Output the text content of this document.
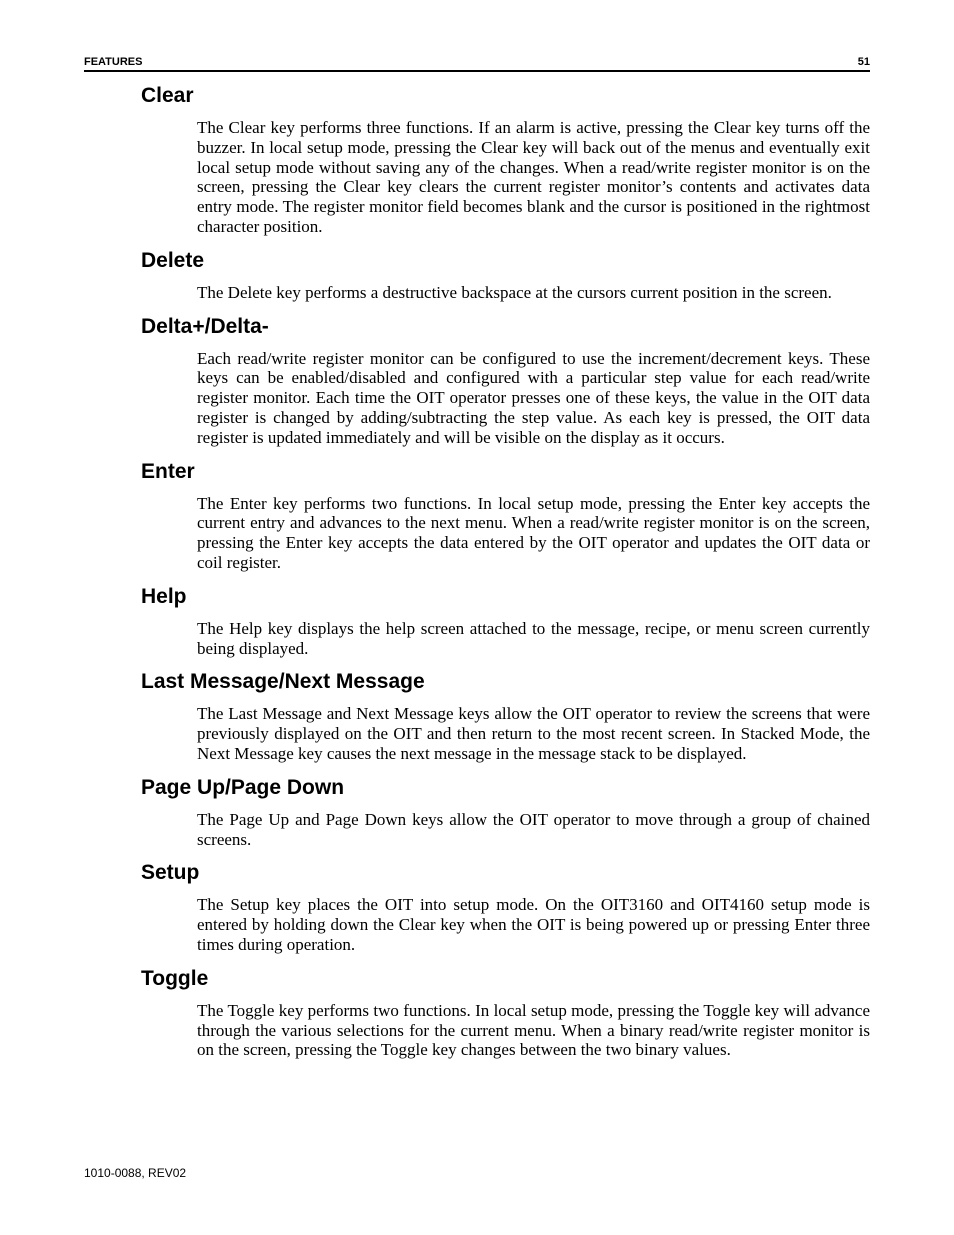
FEATURES	51
Clear

The Clear key performs three functions. If an alarm is active, pressing the Clear key turns off the buzzer. In local setup mode, pressing the Clear key will back out of the menus and eventually exit local setup mode without saving any of the changes. When a read/write register monitor is on the screen, pressing the Clear key clears the current register monitor’s contents and activates data entry mode. The register monitor field becomes blank and the cursor is positioned in the rightmost character position.

Delete

The Delete key performs a destructive backspace at the cursors current position in the screen.

Delta+/Delta-

Each read/write register monitor can be configured to use the increment/decrement keys. These keys can be enabled/disabled and configured with a particular step value for each read/write register monitor. Each time the OIT operator presses one of these keys, the value in the OIT data register is changed by adding/subtracting the step value. As each key is pressed, the OIT data register is updated immediately and will be visible on the display as it occurs.

Enter

The Enter key performs two functions. In local setup mode, pressing the Enter key accepts the current entry and advances to the next menu. When a read/write register monitor is on the screen, pressing the Enter key accepts the data entered by the OIT operator and updates the OIT data or coil register.

Help

The Help key displays the help screen attached to the message, recipe, or menu screen currently being displayed.

Last Message/Next Message

The Last Message and Next Message keys allow the OIT operator to review the screens that were previously displayed on the OIT and then return to the most recent screen. In Stacked Mode, the Next Message key causes the next message in the message stack to be displayed.

Page Up/Page Down

The Page Up and Page Down keys allow the OIT operator to move through a group of chained screens.

Setup

The Setup key places the OIT into setup mode. On the OIT3160 and OIT4160 setup mode is entered by holding down the Clear key when the OIT is being powered up or pressing Enter three times during operation.

Toggle

The Toggle key performs two functions. In local setup mode, pressing the Toggle key will advance through the various selections for the current menu. When a binary read/write register monitor is on the screen, pressing the Toggle key changes between the two binary values.

1010-0088, REV02
